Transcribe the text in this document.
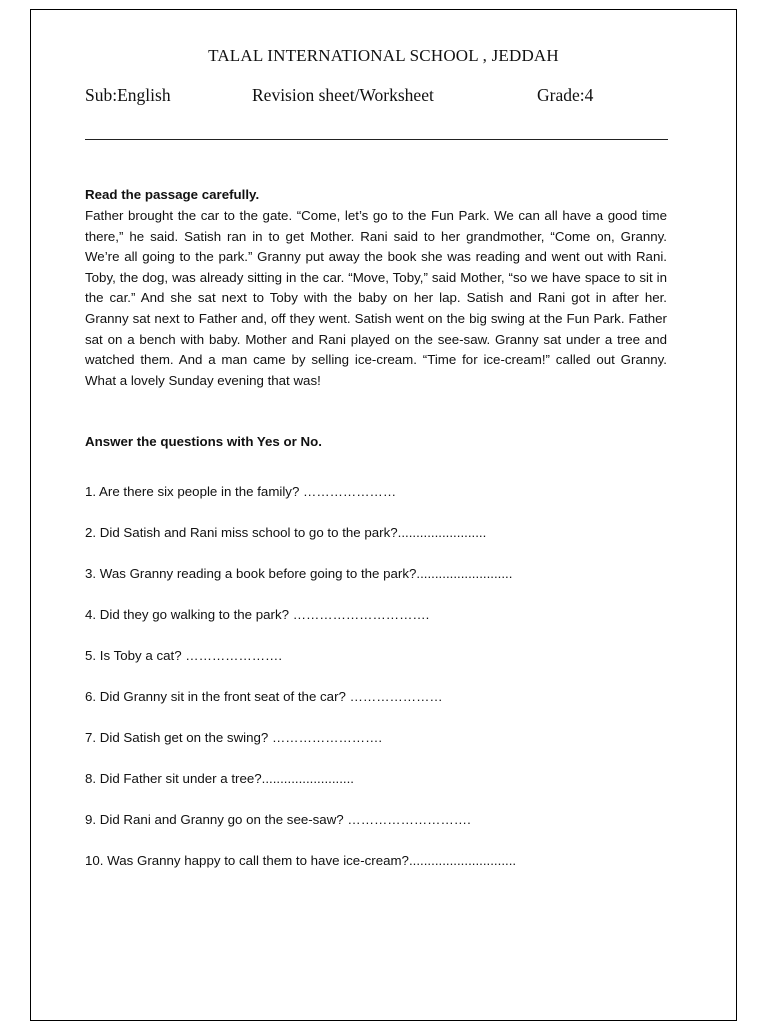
TALAL INTERNATIONAL SCHOOL , JEDDAH
Sub:English	Revision sheet/Worksheet	Grade:4
Read the passage carefully.
Father brought the car to the gate. “Come, let’s go to the Fun Park. We can all have a good time there,” he said. Satish ran in to get Mother. Rani said to her grandmother, “Come on, Granny. We’re all going to the park.” Granny put away the book she was reading and went out with Rani. Toby, the dog, was already sitting in the car. “Move, Toby,” said Mother, “so we have space to sit in the car.” And she sat next to Toby with the baby on her lap. Satish and Rani got in after her. Granny sat next to Father and, off they went. Satish went on the big swing at the Fun Park. Father sat on a bench with baby. Mother and Rani played on the see-saw. Granny sat under a tree and watched them. And a man came by selling ice-cream. “Time for ice-cream!” called out Granny. What a lovely Sunday evening that was!
Answer the questions with Yes or No.
1. Are there six people in the family? …………………
2. Did Satish and Rani miss school to go to the park?........................
3. Was Granny reading a book before going to the park?..........................
4. Did they go walking to the park? ………………………….
5. Is Toby a cat? ………………….
6. Did Granny sit in the front seat of the car? …………………
7. Did Satish get on the swing? …………………….
8. Did Father sit under a tree?.........................
9. Did Rani and Granny go on the see-saw? ……………………….
10. Was Granny happy to call them to have ice-cream?.............................
